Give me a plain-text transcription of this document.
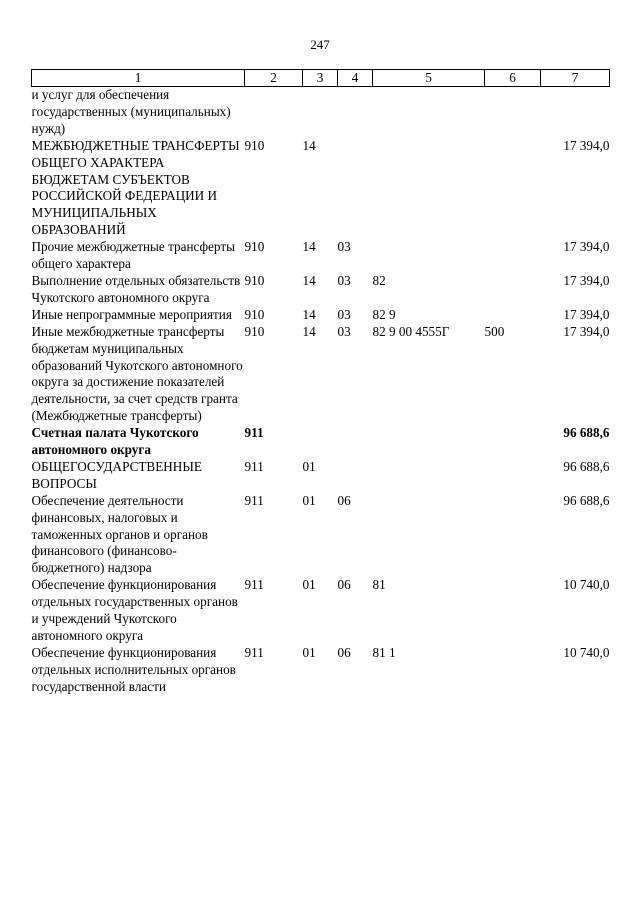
247
1	2	3	4	5	6	7
и услуг для обеспечения государственных (муниципальных) нужд)						
МЕЖБЮДЖЕТНЫЕ ТРАНСФЕРТЫ ОБЩЕГО ХАРАКТЕРА БЮДЖЕТАМ СУБЪЕКТОВ РОССИЙСКОЙ ФЕДЕРАЦИИ И МУНИЦИПАЛЬНЫХ ОБРАЗОВАНИЙ	910	14				17 394,0
Прочие межбюджетные трансферты общего характера	910	14	03			17 394,0
Выполнение отдельных обязательств Чукотского автономного округа	910	14	03	82		17 394,0
Иные непрограммные мероприятия	910	14	03	82 9		17 394,0
Иные межбюджетные трансферты бюджетам муниципальных образований Чукотского автономного округа за достижение показателей деятельности, за счет средств гранта (Межбюджетные трансферты)	910	14	03	82 9 00 4555Г	500	17 394,0
Счетная палата Чукотского автономного округа	911					96 688,6
ОБЩЕГОСУДАРСТВЕННЫЕ ВОПРОСЫ	911	01				96 688,6
Обеспечение деятельности финансовых, налоговых и таможенных органов и органов финансового (финансово-бюджетного) надзора	911	01	06			96 688,6
Обеспечение функционирования отдельных государственных органов и учреждений Чукотского автономного округа	911	01	06	81		10 740,0
Обеспечение функционирования отдельных исполнительных органов государственной власти	911	01	06	81 1		10 740,0
